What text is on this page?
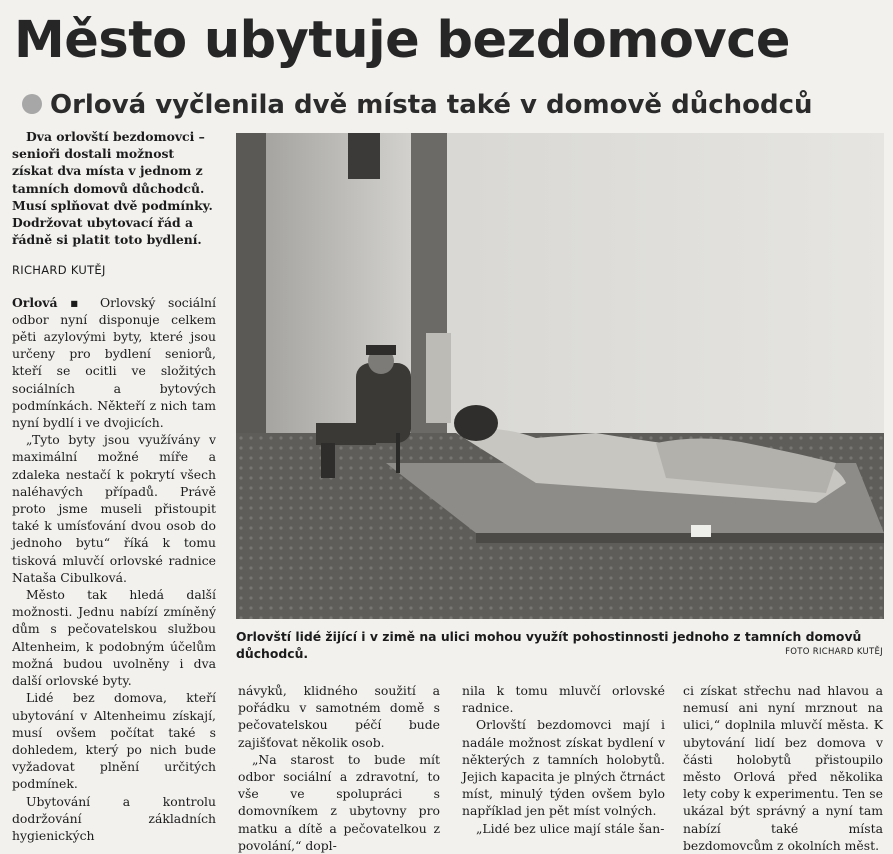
Město ubytuje bezdomovce
Orlová vyčlenila dvě místa také v domově důchodců

Dva orlovští bezdomovci – senioři dostali možnost získat dva místa v jednom z tamních domovů důchodců. Musí splňovat dvě podmínky. Dodržovat ubytovací řád a řádně si platit toto bydlení.

RICHARD KUTĚJ

Orlová ▪ Orlovský sociální odbor nyní disponuje celkem pěti azylovými byty, které jsou určeny pro bydlení seniorů, kteří se ocitli ve složitých sociálních a bytových podmínkách. Někteří z nich tam nyní bydlí i ve dvojicích.

„Tyto byty jsou využívány v maximální možné míře a zdaleka nestačí k pokrytí všech naléhavých případů. Právě proto jsme museli přistoupit také k umísťování dvou osob do jednoho bytu“ říká k tomu tisková mluvčí orlovské radnice Nataša Cibulková.

Město tak hledá další možnosti. Jednu nabízí zmíněný dům s pečovatelskou službou Altenheim, k podobným účelům možná budou uvolněny i dva další orlovské byty.

Lidé bez domova, kteří ubytování v Altenheimu získají, musí ovšem počítat také s dohledem, který po nich bude vyžadovat plnění určitých podmínek.

Ubytování a kontrolu dodržování základních hygienických

Orlovští lidé žijící i v zimě na ulici mohou využít pohostinnosti jednoho z tamních domovů důchodců.	FOTO RICHARD KUTĚJ

návyků, klidného soužití a pořádku v samotném domě s pečovatelskou péčí bude zajišťovat několik osob.

„Na starost to bude mít odbor sociální a zdravotní, to vše ve spolupráci s domovníkem z ubytovny pro matku a dítě a pečovatelkou z povolání,“ dopl-

nila k tomu mluvčí orlovské radnice.

Orlovští bezdomovci mají i nadále možnost získat bydlení v některých z tamních holobytů. Jejich kapacita je plných čtrnáct míst, minulý týden ovšem bylo například jen pět míst volných.

„Lidé bez ulice mají stále šan-

ci získat střechu nad hlavou a nemusí ani nyní mrznout na ulici,“ doplnila mluvčí města. K ubytování lidí bez domova v části holobytů přistoupilo město Orlová před několika lety coby k experimentu. Ten se ukázal být správný a nyní tam nabízí také místa bezdomovcům z okolních měst.
